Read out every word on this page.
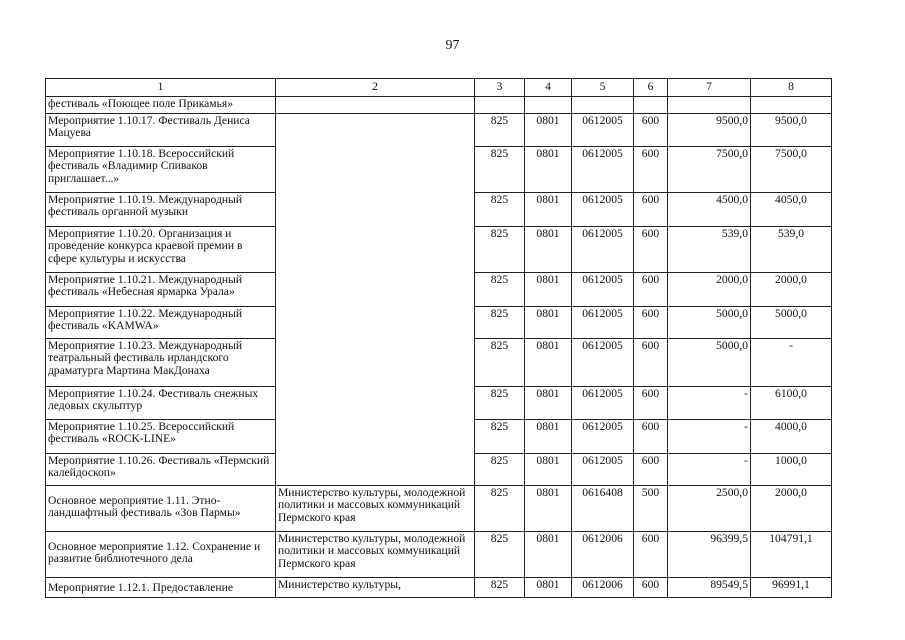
97
1	2	3	4	5	6	7	8
фестиваль «Поющее поле Прикамья»							
Мероприятие 1.10.17. Фестиваль Дениса Мацуева		825	0801	0612005	600	9500,0	9500,0
Мероприятие 1.10.18. Всероссийский фестиваль «Владимир Спиваков приглашает...»		825	0801	0612005	600	7500,0	7500,0
Мероприятие 1.10.19. Международный фестиваль органной музыки		825	0801	0612005	600	4500,0	4050,0
Мероприятие 1.10.20. Организация и проведение конкурса краевой премии в сфере культуры и искусства		825	0801	0612005	600	539,0	539,0
Мероприятие 1.10.21. Международный фестиваль «Небесная ярмарка Урала»		825	0801	0612005	600	2000,0	2000,0
Мероприятие 1.10.22. Международный фестиваль «KAMWA»		825	0801	0612005	600	5000,0	5000,0
Мероприятие 1.10.23. Международный театральный фестиваль ирландского драматурга Мартина МакДонаха		825	0801	0612005	600	5000,0	-
Мероприятие 1.10.24. Фестиваль снежных ледовых скульптур		825	0801	0612005	600	-	6100,0
Мероприятие 1.10.25. Всероссийский фестиваль «ROCK-LINE»		825	0801	0612005	600	-	4000,0
Мероприятие 1.10.26. Фестиваль «Пермский калейдоскоп»		825	0801	0612005	600	-	1000,0
Основное мероприятие 1.11. Этно-ландшафтный фестиваль «Зов Пармы»	Министерство культуры, молодежной политики и массовых коммуникаций Пермского края	825	0801	0616408	500	2500,0	2000,0
Основное мероприятие 1.12. Сохранение и развитие библиотечного дела	Министерство культуры, молодежной политики и массовых коммуникаций Пермского края	825	0801	0612006	600	96399,5	104791,1
Мероприятие 1.12.1. Предоставление	Министерство культуры,	825	0801	0612006	600	89549,5	96991,1
